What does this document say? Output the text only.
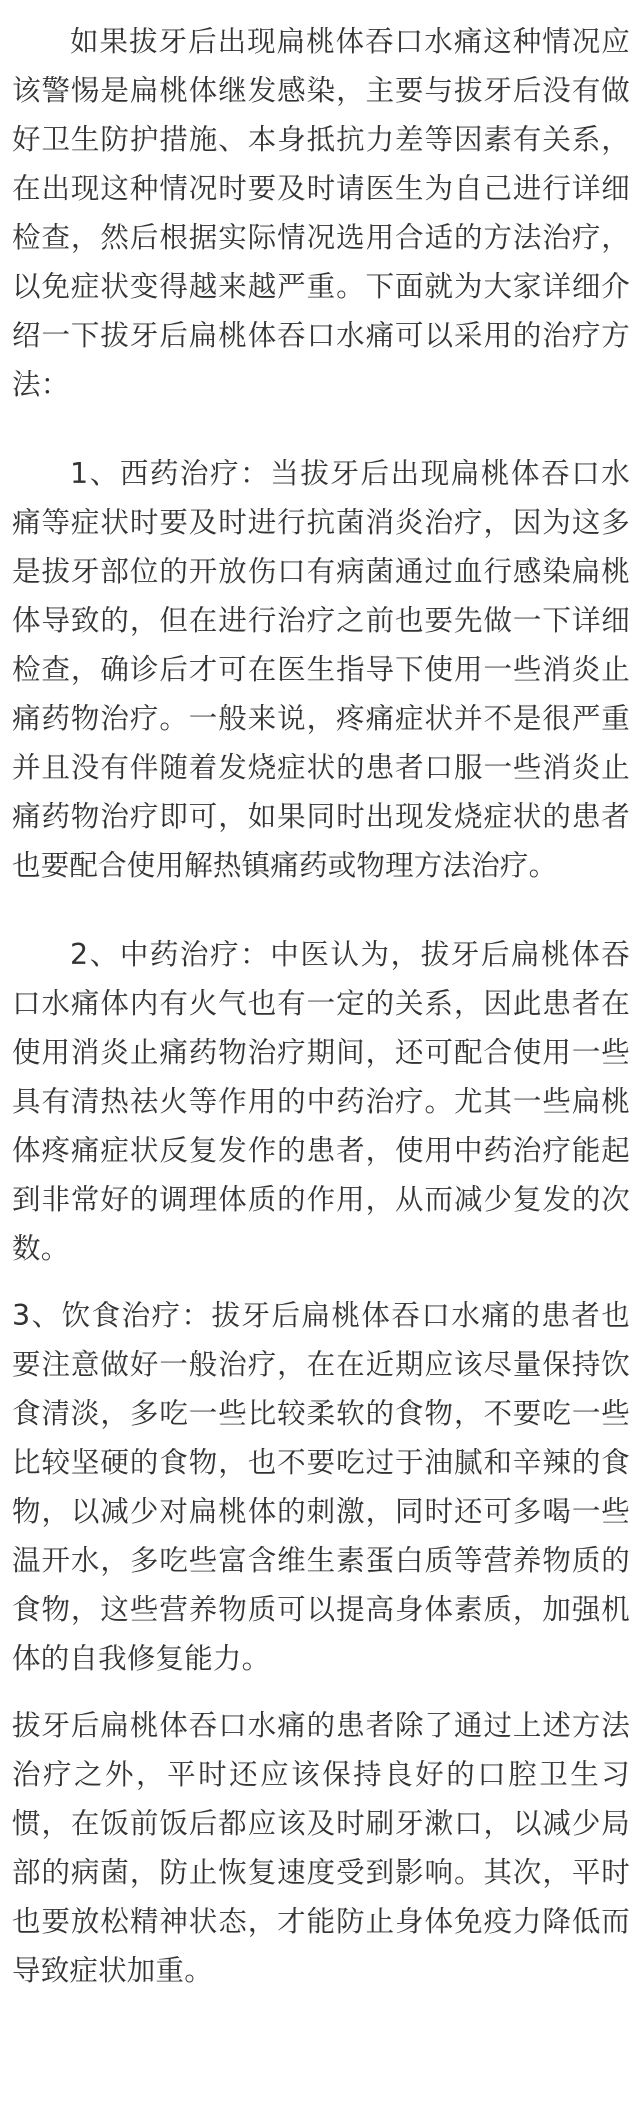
如果拔牙后出现扁桃体吞口水痛这种情况应该警惕是扁桃体继发感染，主要与拔牙后没有做好卫生防护措施、本身抵抗力差等因素有关系，在出现这种情况时要及时请医生为自己进行详细检查，然后根据实际情况选用合适的方法治疗，以免症状变得越来越严重。下面就为大家详细介绍一下拔牙后扁桃体吞口水痛可以采用的治疗方法：

1、西药治疗：当拔牙后出现扁桃体吞口水痛等症状时要及时进行抗菌消炎治疗，因为这多是拔牙部位的开放伤口有病菌通过血行感染扁桃体导致的，但在进行治疗之前也要先做一下详细检查，确诊后才可在医生指导下使用一些消炎止痛药物治疗。一般来说，疼痛症状并不是很严重并且没有伴随着发烧症状的患者口服一些消炎止痛药物治疗即可，如果同时出现发烧症状的患者也要配合使用解热镇痛药或物理方法治疗。

2、中药治疗：中医认为，拔牙后扁桃体吞口水痛体内有火气也有一定的关系，因此患者在使用消炎止痛药物治疗期间，还可配合使用一些具有清热祛火等作用的中药治疗。尤其一些扁桃体疼痛症状反复发作的患者，使用中药治疗能起到非常好的调理体质的作用，从而减少复发的次数。

3、饮食治疗：拔牙后扁桃体吞口水痛的患者也要注意做好一般治疗，在在近期应该尽量保持饮食清淡，多吃一些比较柔软的食物，不要吃一些比较坚硬的食物，也不要吃过于油腻和辛辣的食物，以减少对扁桃体的刺激，同时还可多喝一些温开水，多吃些富含维生素蛋白质等营养物质的食物，这些营养物质可以提高身体素质，加强机体的自我修复能力。

拔牙后扁桃体吞口水痛的患者除了通过上述方法治疗之外，平时还应该保持良好的口腔卫生习惯，在饭前饭后都应该及时刷牙漱口，以减少局部的病菌，防止恢复速度受到影响。其次，平时也要放松精神状态，才能防止身体免疫力降低而导致症状加重。
